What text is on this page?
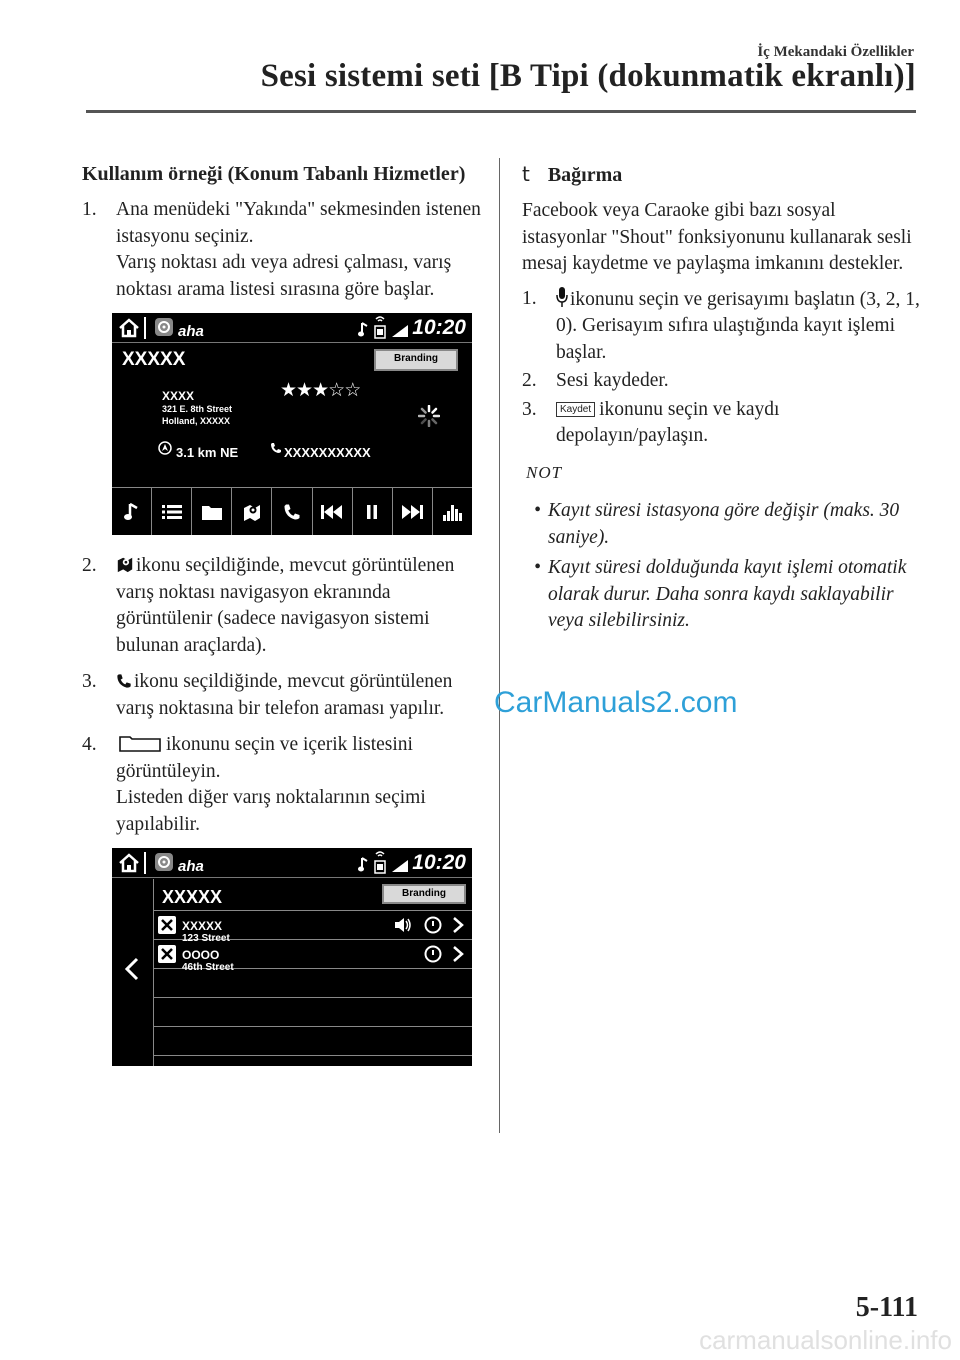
İç Mekandaki Özellikler
Sesi sistemi seti [B Tipi (dokunmatik ekranlı)]
Kullanım örneği (Konum Tabanlı Hizmetler)
1. Ana menüdeki "Yakında" sekmesinden istenen istasyonu seçiniz.
Varış noktası adı veya adresi çalması, varış noktası arama listesi sırasına göre başlar.
aha	10:20
XXXXX	Branding
XXXX
321 E. 8th Street
Holland, XXXXX
★★★☆☆
3.1 km NE	XXXXXXXXXX
2.	ikonu seçildiğinde, mevcut görüntülenen varış noktası navigasyon ekranında görüntülenir (sadece navigasyon sistemi bulunan araçlarda).
3.	ikonu seçildiğinde, mevcut görüntülenen varış noktasına bir telefon araması yapılır.
4.	ikonunu seçin ve içerik listesini görüntüleyin.
Listeden diğer varış noktalarının seçimi yapılabilir.
aha	10:20
XXXXX	Branding
XXXXX
123 Street
OOOO
46th Street
t Bağırma
Facebook veya Caraoke gibi bazı sosyal istasyonlar "Shout" fonksiyonunu kullanarak sesli mesaj kaydetme ve paylaşma imkanını destekler.
1.	ikonunu seçin ve gerisayımı başlatın (3, 2, 1, 0). Gerisayım sıfıra ulaştığında kayıt işlemi başlar.
2. Sesi kaydeder.
3.	Kaydet ikonunu seçin ve kaydı depolayın/paylaşın.
NOT
• Kayıt süresi istasyona göre değişir (maks. 30 saniye).
• Kayıt süresi dolduğunda kayıt işlemi otomatik olarak durur. Daha sonra kaydı saklayabilir veya silebilirsiniz.
CarManuals2.com
5-111
carmanualsonline.info
